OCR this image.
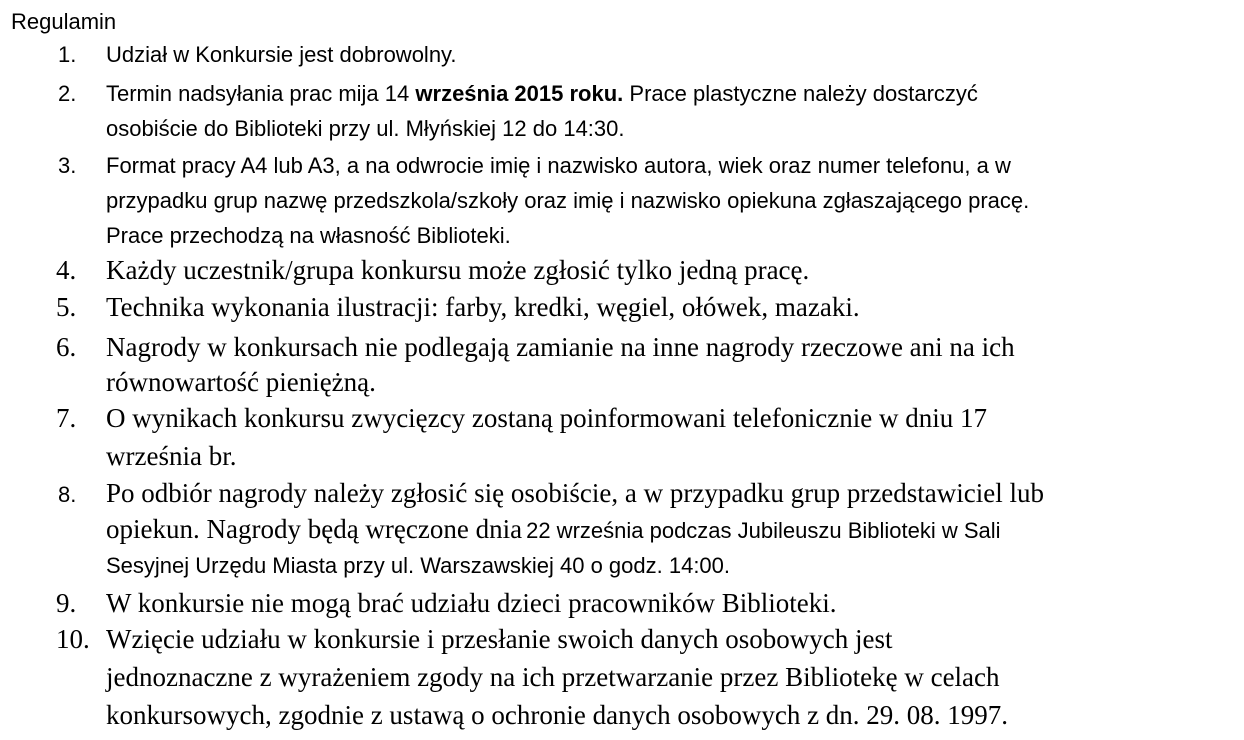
Regulamin
1. Udział w Konkursie jest dobrowolny.
2. Termin nadsyłania prac mija 14 września 2015 roku. Prace plastyczne należy dostarczyć
osobiście do Biblioteki przy ul. Młyńskiej 12 do 14:30.
3. Format pracy A4 lub A3, a na odwrocie imię i nazwisko autora, wiek oraz numer telefonu, a w
przypadku grup nazwę przedszkola/szkoły oraz imię i nazwisko opiekuna zgłaszającego pracę.
Prace przechodzą na własność Biblioteki.
4. Każdy uczestnik/grupa konkursu może zgłosić tylko jedną pracę.
5. Technika wykonania ilustracji: farby, kredki, węgiel, ołówek, mazaki.
6. Nagrody w konkursach nie podlegają zamianie na inne nagrody rzeczowe ani na ich
równowartość pieniężną.
7. O wynikach konkursu zwycięzcy zostaną poinformowani telefonicznie w dniu 17
września br.
8. Po odbiór nagrody należy zgłosić się osobiście, a w przypadku grup przedstawiciel lub
opiekun. Nagrody będą wręczone dnia 22 września podczas Jubileuszu Biblioteki w Sali
Sesyjnej Urzędu Miasta przy ul. Warszawskiej 40 o godz. 14:00.
9. W konkursie nie mogą brać udziału dzieci pracowników Biblioteki.
10. Wzięcie udziału w konkursie i przesłanie swoich danych osobowych jest
jednoznaczne z wyrażeniem zgody na ich przetwarzanie przez Bibliotekę w celach
konkursowych, zgodnie z ustawą o ochronie danych osobowych z dn. 29. 08. 1997.
